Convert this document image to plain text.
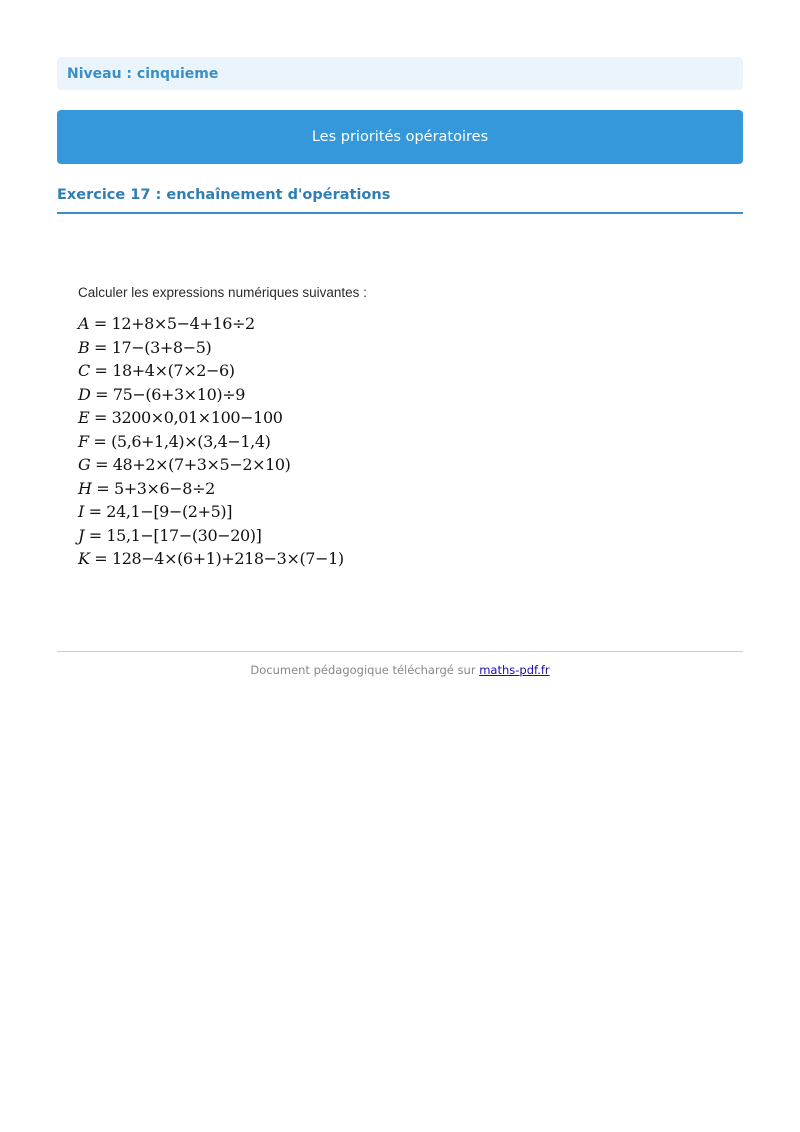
Niveau : cinquieme
Les priorités opératoires
Exercice 17 : enchaînement d'opérations
Calculer les expressions numériques suivantes :
A = 12+8×5−4+16÷2
B = 17−(3+8−5)
C = 18+4×(7×2−6)
D = 75−(6+3×10)÷9
E = 3200×0,01×100−100
F = (5,6+1,4)×(3,4−1,4)
G = 48+2×(7+3×5−2×10)
H = 5+3×6−8÷2
I = 24,1−[9−(2+5)]
J = 15,1−[17−(30−20)]
K = 128−4×(6+1)+218−3×(7−1)
Document pédagogique téléchargé sur maths-pdf.fr
